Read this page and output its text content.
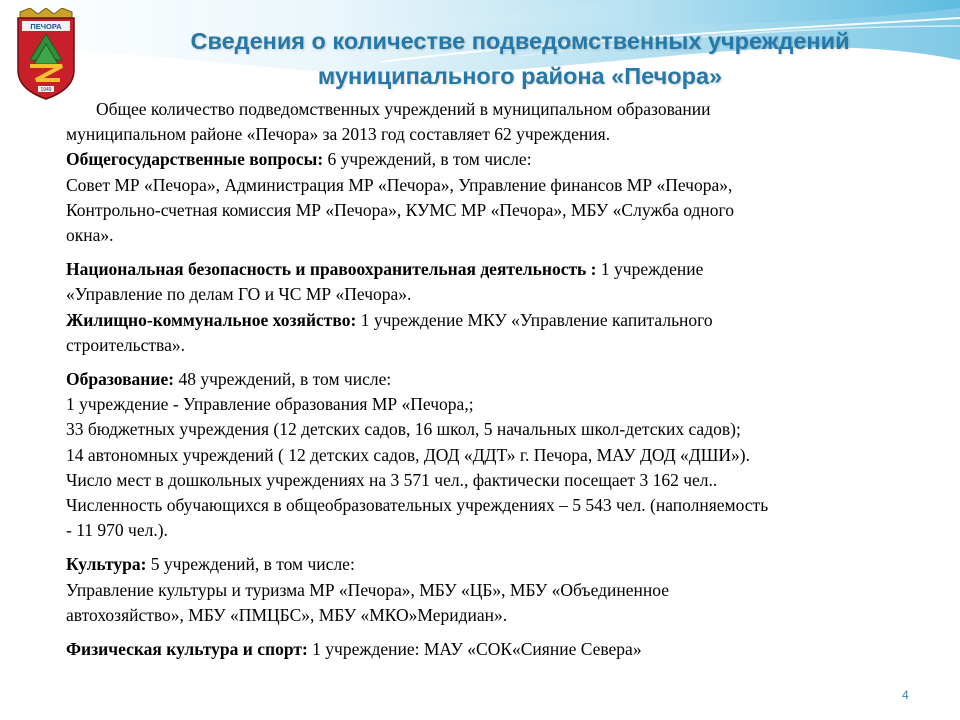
ПЕЧОРА
1949
Сведения о количестве подведомственных учреждений
муниципального района «Печора»

Общее количество подведомственных учреждений в муниципальном образовании

муниципальном районе «Печора» за 2013 год составляет 62 учреждения.

Общегосударственные вопросы: 6 учреждений, в том числе:

Совет МР «Печора», Администрация МР «Печора», Управление финансов МР «Печора»,

Контрольно-счетная комиссия МР «Печора», КУМС МР «Печора», МБУ «Служба одного

окна».

Национальная безопасность и правоохранительная деятельность : 1 учреждение

«Управление по делам ГО и ЧС МР «Печора».

Жилищно-коммунальное хозяйство: 1 учреждение МКУ «Управление капитального

строительства».

Образование: 48 учреждений, в том числе:

1 учреждение - Управление образования МР «Печора,;

33 бюджетных учреждения (12 детских садов, 16 школ, 5 начальных школ-детских садов);

14 автономных учреждений ( 12 детских садов, ДОД «ДДТ» г. Печора, МАУ ДОД «ДШИ»).

Число мест в дошкольных учреждениях на 3 571 чел., фактически посещает 3 162 чел..

Численность обучающихся в общеобразовательных учреждениях – 5 543 чел. (наполняемость

- 11 970 чел.).

Культура: 5 учреждений, в том числе:

Управление культуры и туризма МР «Печора», МБУ «ЦБ», МБУ «Объединенное

автохозяйство», МБУ «ПМЦБС», МБУ «МКО»Меридиан».

Физическая культура и спорт: 1 учреждение: МАУ «СОК«Сияние Севера»

4
